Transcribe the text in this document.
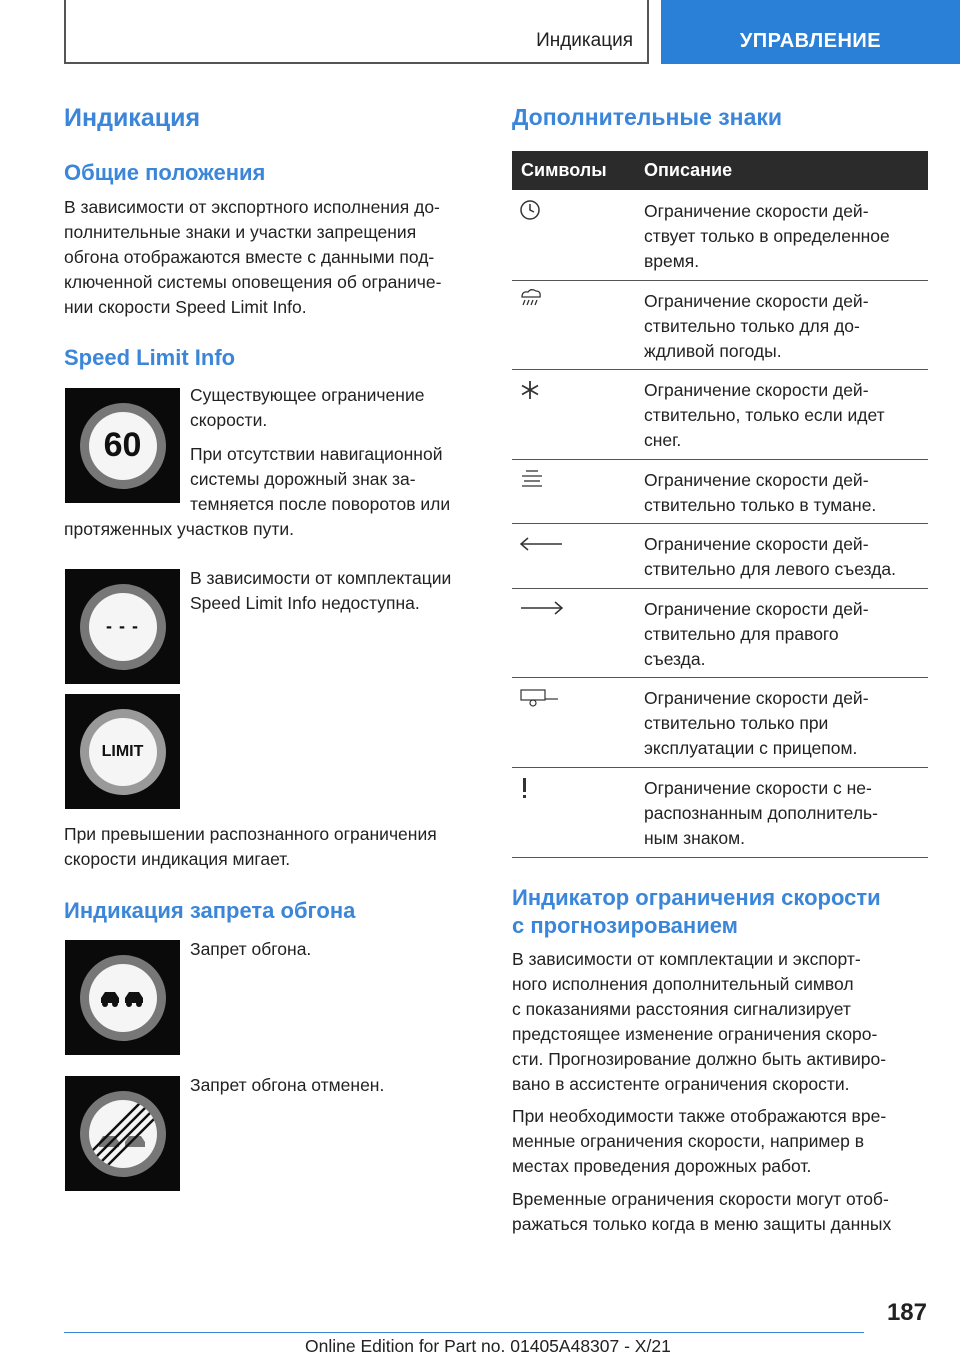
Индикация	УПРАВЛЕНИЕ
Индикация
Общие положения
В зависимости от экспортного исполнения до-
полнительные знаки и участки запрещения
обгона отображаются вместе с данными под-
ключенной системы оповещения об ограниче-
нии скорости Speed Limit Info.
Speed Limit Info
60
Существующее ограничение
скорости.
При отсутствии навигационной
системы дорожный знак за-
темняется после поворотов или
протяженных участков пути.
- - -
В зависимости от комплектации
Speed Limit Info недоступна.
LIMIT
При превышении распознанного ограничения
скорости индикация мигает.
Индикация запрета обгона
Запрет обгона.
Запрет обгона отменен.
Дополнительные знаки
Символы Описание
Ограничение скорости дей-
ствует только в определенное
время.
Ограничение скорости дей-
ствительно только для до-
ждливой погоды.
Ограничение скорости дей-
ствительно, только если идет
снег.
Ограничение скорости дей-
ствительно только в тумане.
Ограничение скорости дей-
ствительно для левого съезда.
Ограничение скорости дей-
ствительно для правого
съезда.
Ограничение скорости дей-
ствительно только при
эксплуатации с прицепом.
Ограничение скорости с не-
распознанным дополнитель-
ным знаком.
Индикатор ограничения скорости
с прогнозированием
В зависимости от комплектации и экспорт-
ного исполнения дополнительный символ
с показаниями расстояния сигнализирует
предстоящее изменение ограничения скоро-
сти. Прогнозирование должно быть активиро-
вано в ассистенте ограничения скорости.
При необходимости также отображаются вре-
менные ограничения скорости, например в
местах проведения дорожных работ.
Временные ограничения скорости могут отоб-
ражаться только когда в меню защиты данных
187
Online Edition for Part no. 01405A48307 - X/21
